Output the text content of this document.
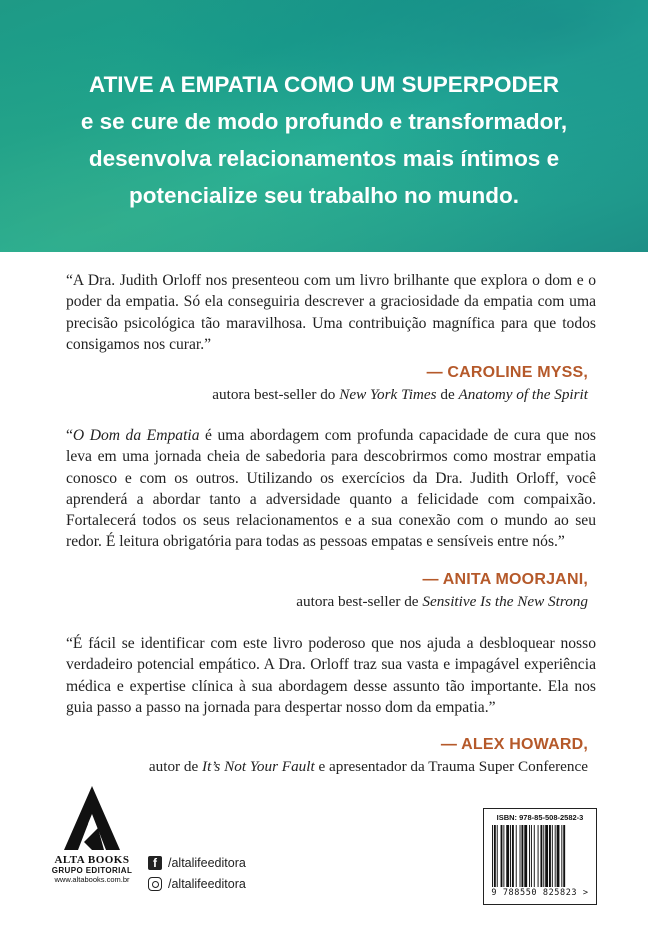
ATIVE A EMPATIA COMO UM SUPERPODER
e se cure de modo profundo e transformador,
desenvolva relacionamentos mais íntimos e
potencialize seu trabalho no mundo.

“A Dra. Judith Orloff nos presenteou com um livro brilhante que explora o dom e o poder da empatia. Só ela conseguiria descrever a graciosidade da empatia com uma precisão psicológica tão maravilhosa. Uma contribuição magnífica para que todos consigamos nos curar.”

— CAROLINE MYSS,
autora best-seller do New York Times de Anatomy of the Spirit

“O Dom da Empatia é uma abordagem com profunda capacidade de cura que nos leva em uma jornada cheia de sabedoria para descobrirmos como mostrar empatia conosco e com os outros. Utilizando os exercícios da Dra. Judith Orloff, você aprenderá a abordar tanto a adversidade quanto a felicidade com compaixão. Fortalecerá todos os seus relacionamentos e a sua conexão com o mundo ao seu redor. É leitura obrigatória para todas as pessoas empatas e sensíveis entre nós.”

— ANITA MOORJANI,
autora best-seller de Sensitive Is the New Strong

“É fácil se identificar com este livro poderoso que nos ajuda a desbloquear nosso verdadeiro potencial empático. A Dra. Orloff traz sua vasta e impagável experiência médica e expertise clínica à sua abordagem desse assunto tão importante. Ela nos guia passo a passo na jornada para despertar nosso dom da empatia.”

— ALEX HOWARD,
autor de It’s Not Your Fault e apresentador da Trauma Super Conference
ALTA BOOKS
GRUPO EDITORIAL
www.altabooks.com.br
f /altalifeeditora
/altalifeeditora
ISBN: 978-85-508-2582-3
9 788550 825823 >
